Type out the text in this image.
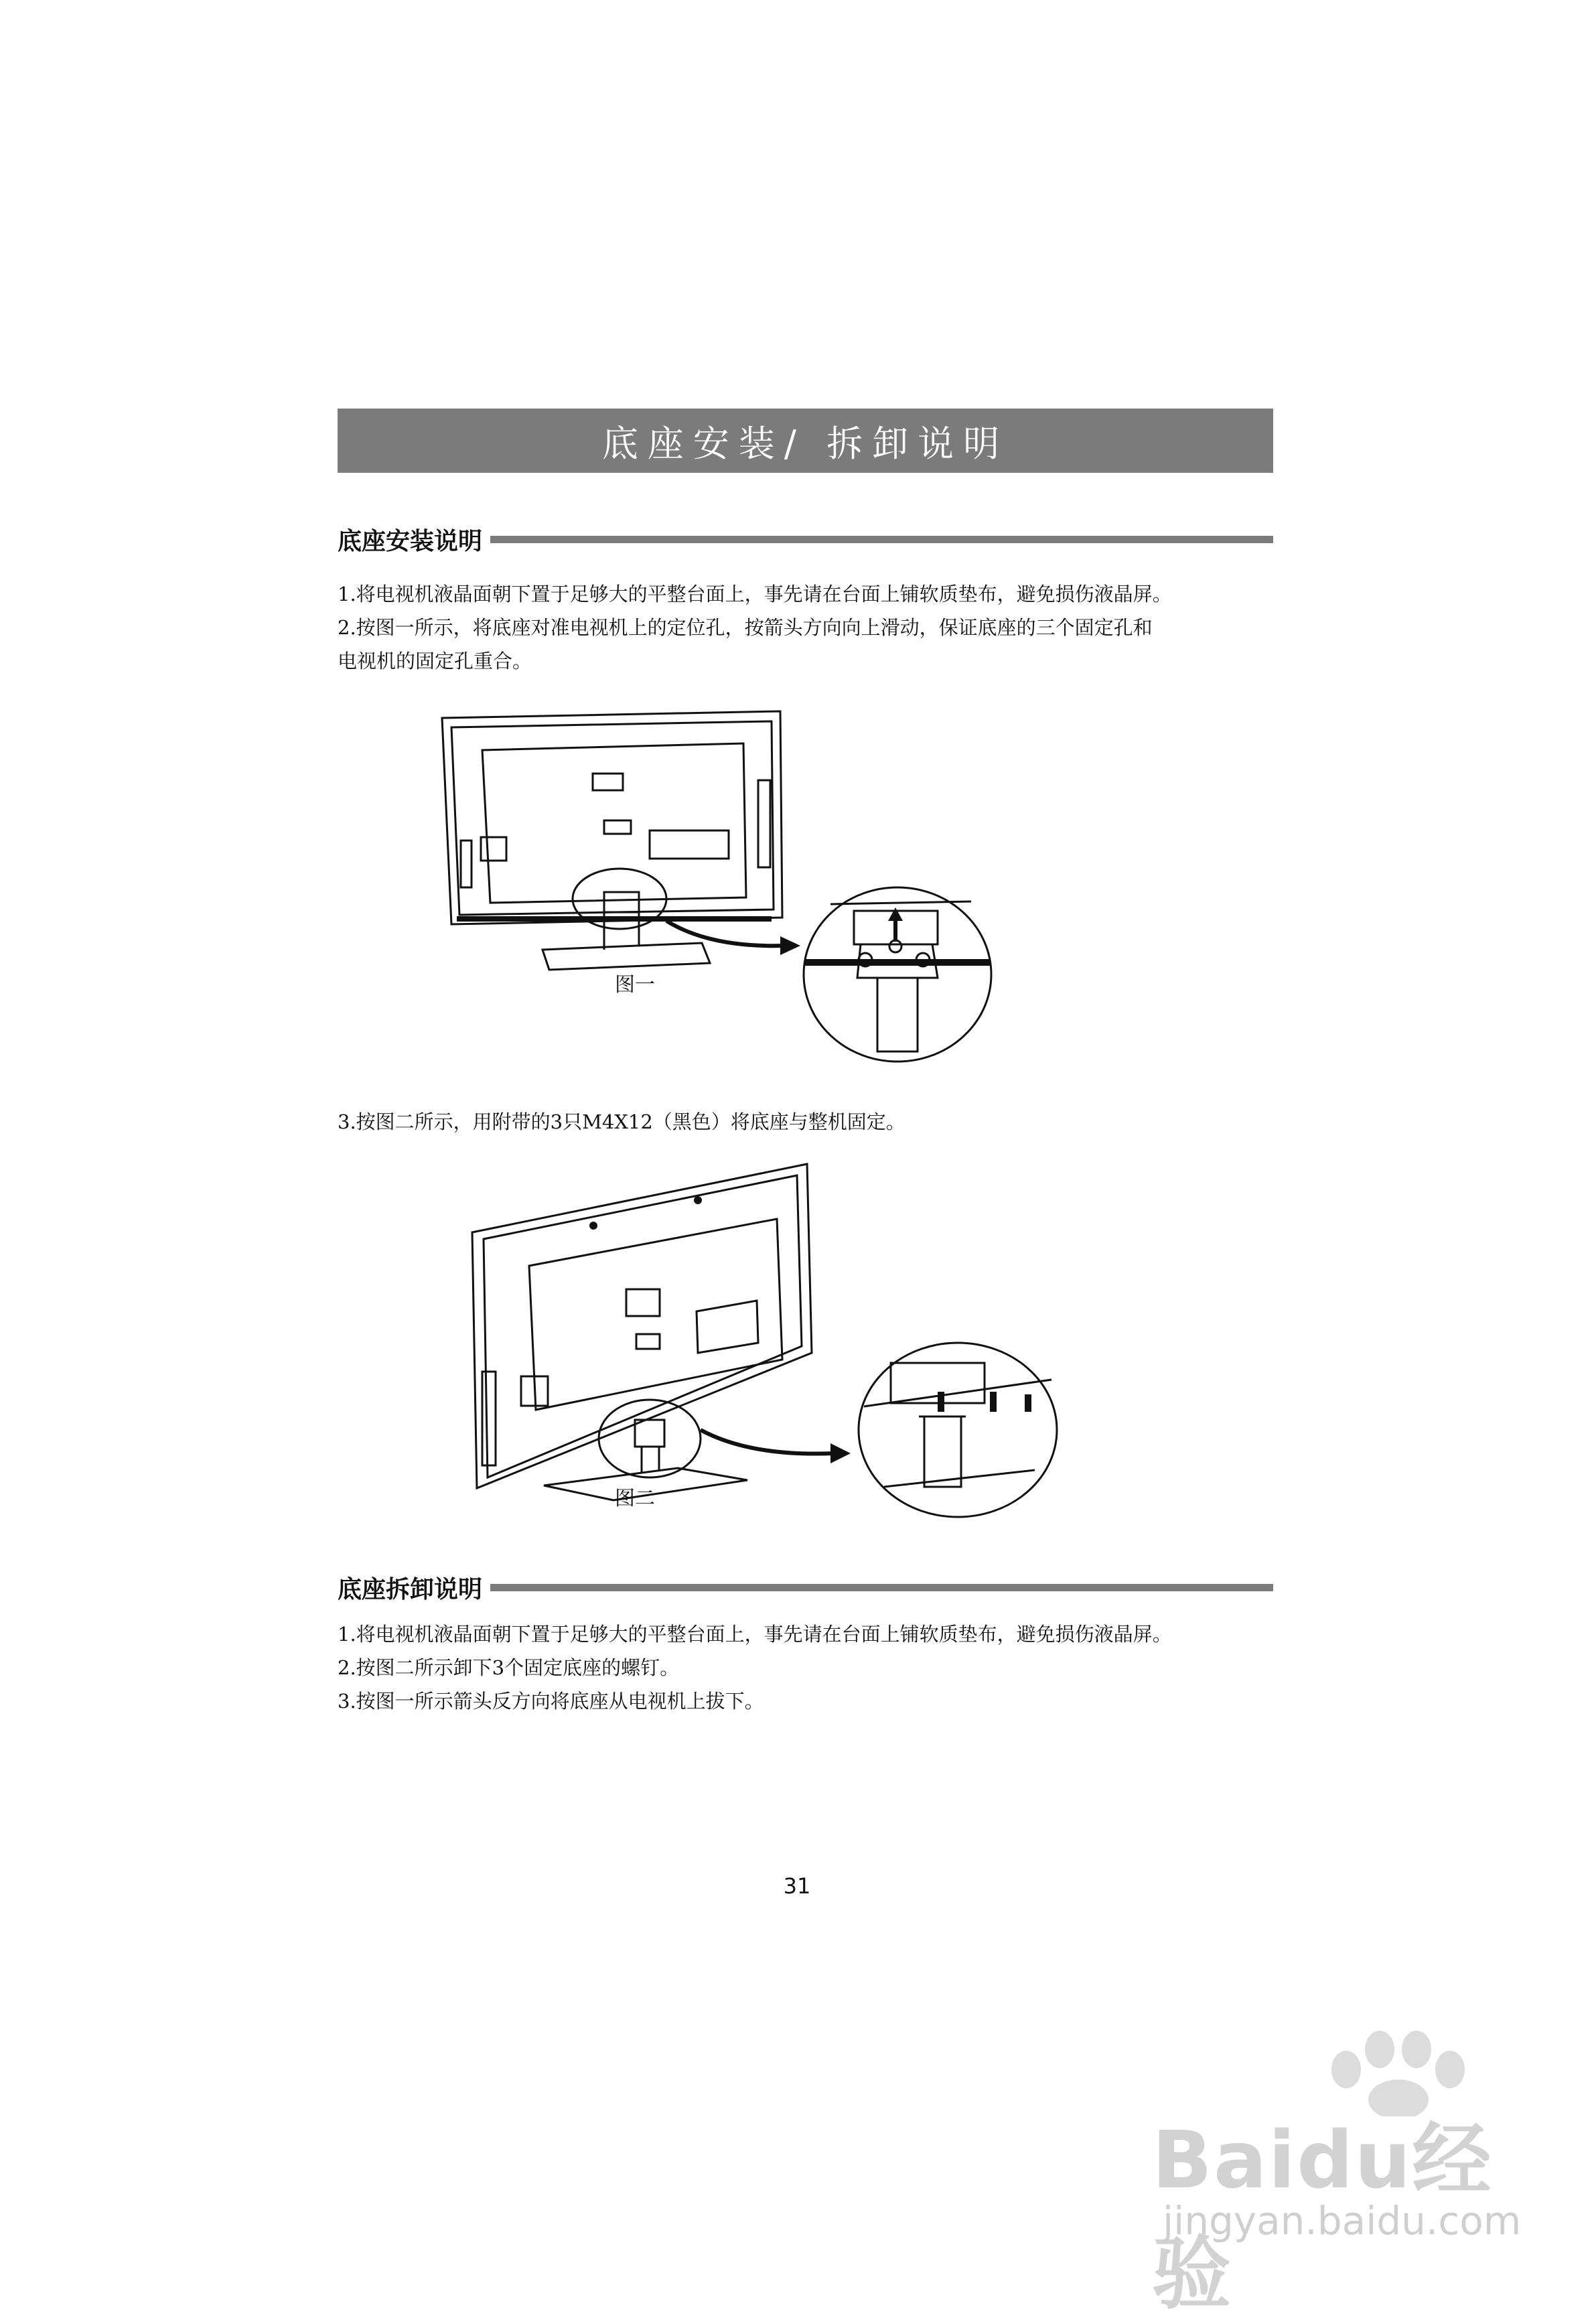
底座安装/ 拆卸说明
底座安装说明

1.将电视机液晶面朝下置于足够大的平整台面上，事先请在台面上铺软质垫布，避免损伤液晶屏。

2.按图一所示，将底座对准电视机上的定位孔，按箭头方向向上滑动，保证底座的三个固定孔和

电视机的固定孔重合。

图一

3.按图二所示，用附带的3只M4X12（黑色）将底座与整机固定。

图二
底座拆卸说明

1.将电视机液晶面朝下置于足够大的平整台面上，事先请在台面上铺软质垫布，避免损伤液晶屏。

2.按图二所示卸下3个固定底座的螺钉。

3.按图一所示箭头反方向将底座从电视机上拔下。

31
Baidu经验
jingyan.baidu.com
